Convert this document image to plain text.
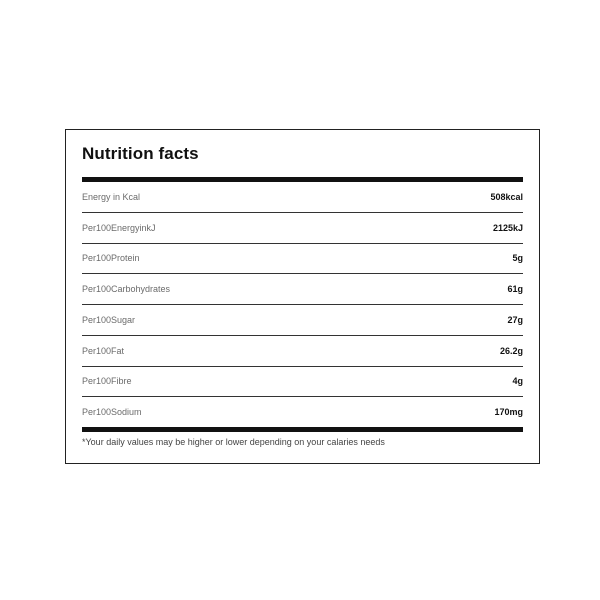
Nutrition facts
Energy in Kcal	508kcal
Per100EnergyinkJ	2125kJ
Per100Protein	5g
Per100Carbohydrates	61g
Per100Sugar	27g
Per100Fat	26.2g
Per100Fibre	4g
Per100Sodium	170mg

*Your daily values may be higher or lower depending on your calaries needs
